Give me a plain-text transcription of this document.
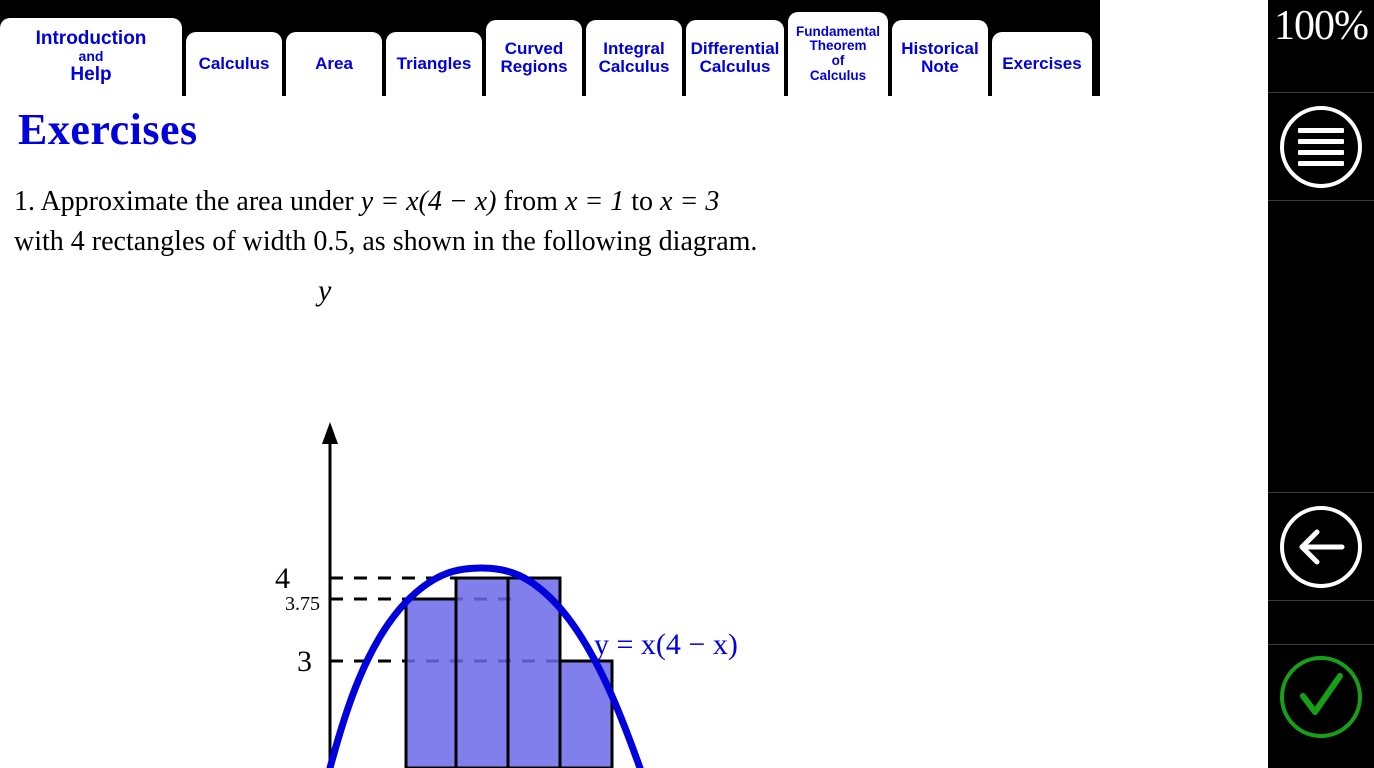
Introduction
and
Help
Calculus	Area	Triangles
Curved
Regions
Integral
Calculus
Differential
Calculus
Fundamental
Theorem
of
Calculus
Historical
Note	Exercises
Exercises
1. Approximate the area under y = x(4 − x) from x = 1 to x = 3
with 4 rectangles of width 0.5, as shown in the following diagram.
y
4
3.75
3
y = x(4 − x)
100%
